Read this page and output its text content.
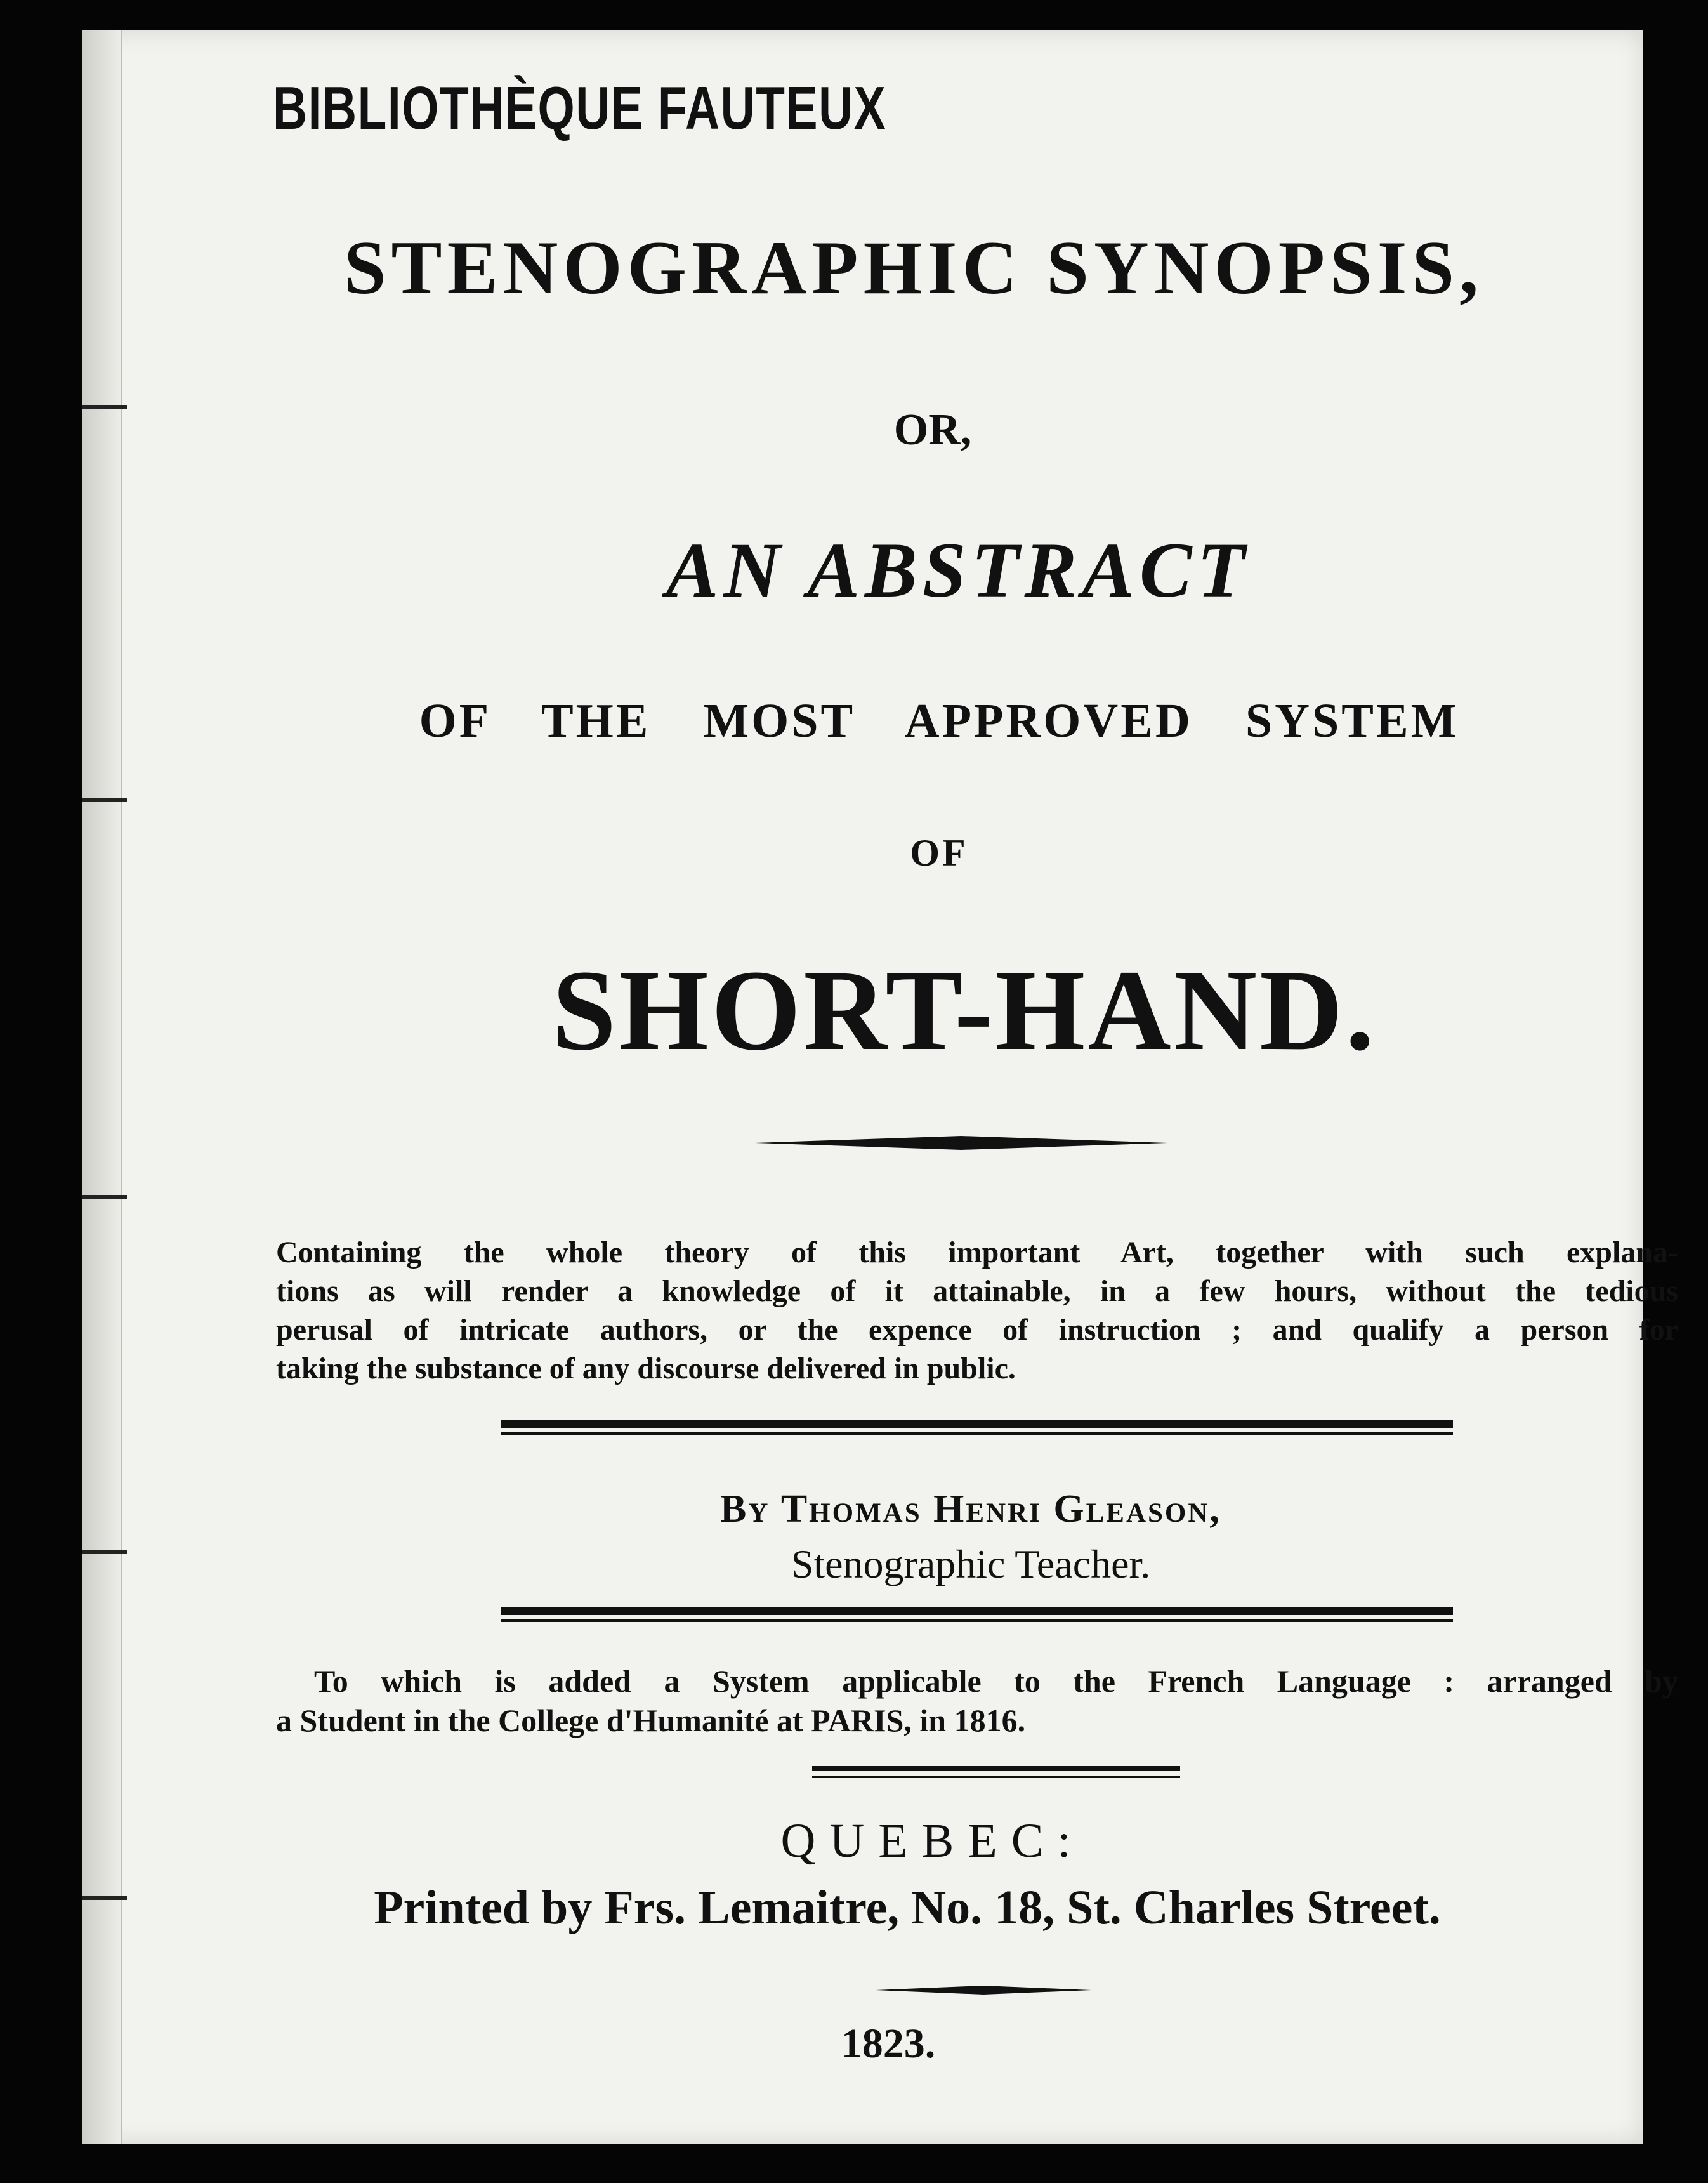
BIBLIOTHÈQUE FAUTEUX
STENOGRAPHIC SYNOPSIS,
OR,
AN ABSTRACT
OF THE MOST APPROVED SYSTEM
OF
SHORT-HAND.
Containing the whole theory of this important Art, together with such explana-
tions as will render a knowledge of it attainable, in a few hours, without the tedious
perusal of intricate authors, or the expence of instruction ; and qualify a person for
taking the substance of any discourse delivered in public.
By Thomas Henri Gleason,
Stenographic Teacher.
To which is added a System applicable to the French Language : arranged by
a Student in the College d'Humanité at PARIS, in 1816.
QUEBEC:
Printed by Frs. Lemaitre, No. 18, St. Charles Street.
1823.
